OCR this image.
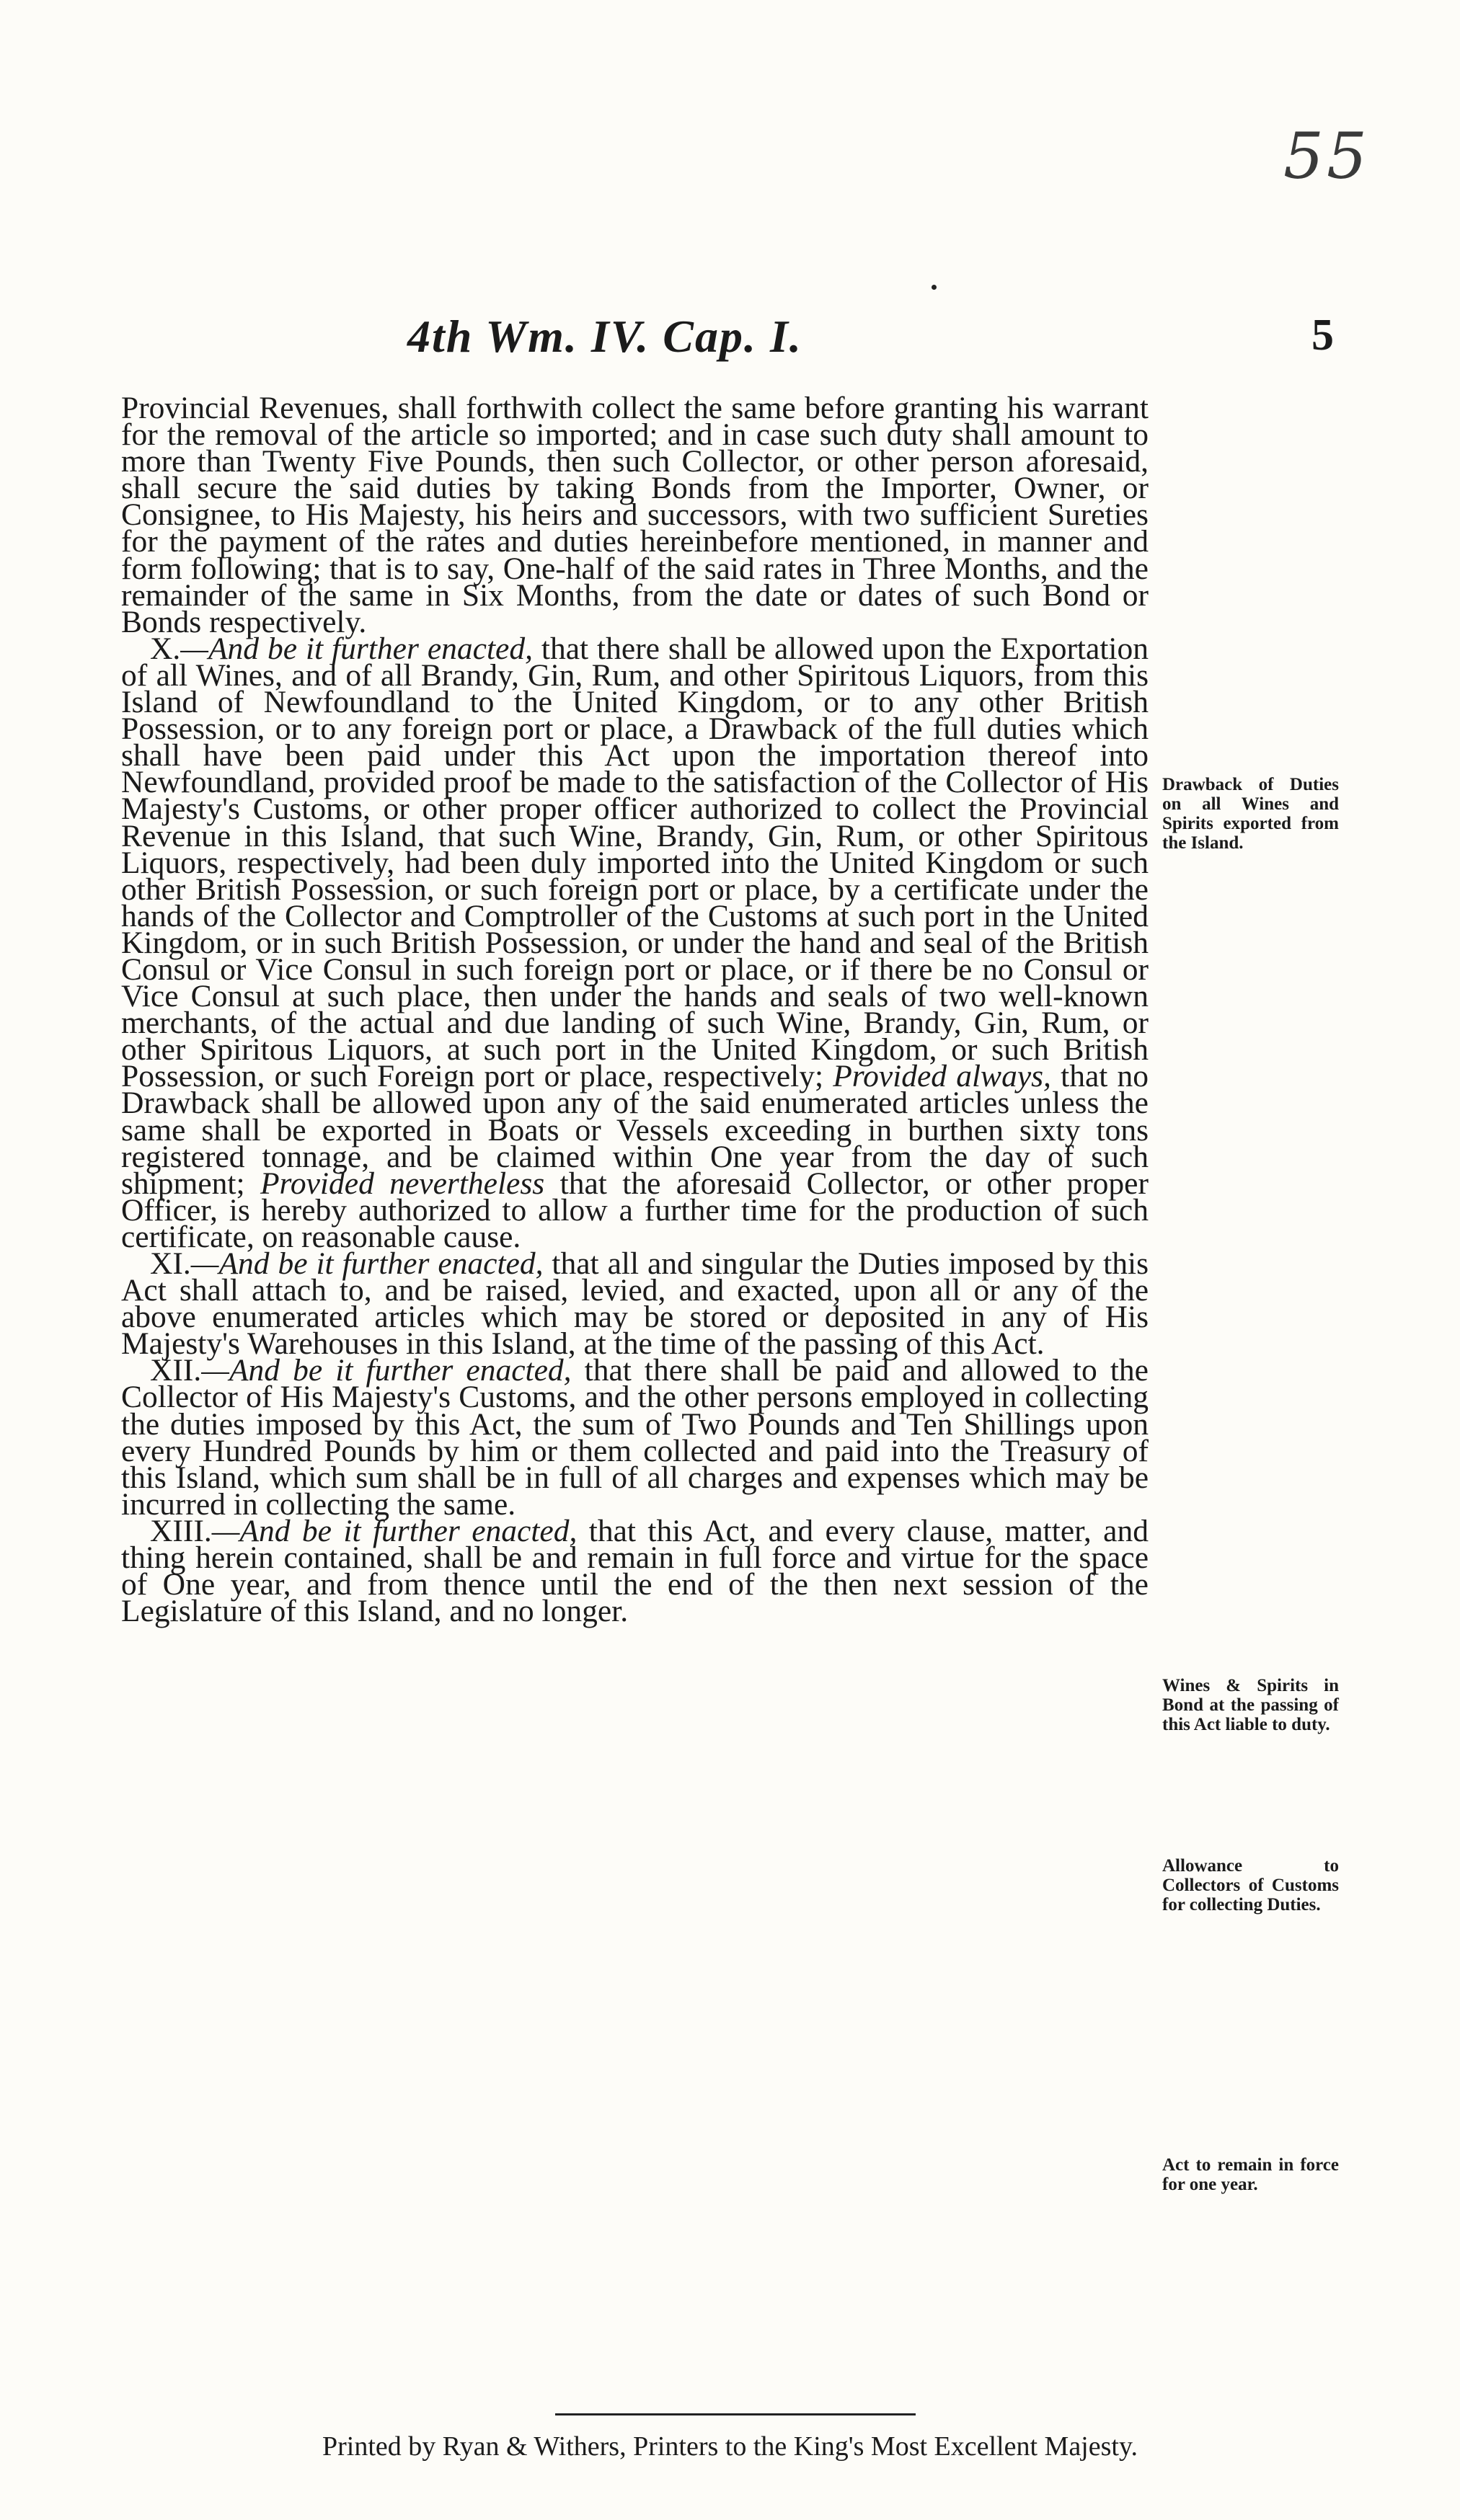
55
4th Wm. IV. Cap. I.	5

Provincial Revenues, shall forthwith collect the same before granting his warrant for the removal of the article so imported; and in case such duty shall amount to more than Twenty Five Pounds, then such Collector, or other person aforesaid, shall secure the said duties by taking Bonds from the Importer, Owner, or Consignee, to His Majesty, his heirs and successors, with two sufficient Sureties for the payment of the rates and duties hereinbefore mentioned, in manner and form following; that is to say, One-half of the said rates in Three Months, and the remainder of the same in Six Months, from the date or dates of such Bond or Bonds respectively.

X.—And be it further enacted, that there shall be allowed upon the Exportation of all Wines, and of all Brandy, Gin, Rum, and other Spiritous Liquors, from this Island of Newfoundland to the United Kingdom, or to any other British Possession, or to any foreign port or place, a Drawback of the full duties which shall have been paid under this Act upon the importation thereof into Newfoundland, provided proof be made to the satisfaction of the Collector of His Majesty's Customs, or other proper officer authorized to collect the Provincial Revenue in this Island, that such Wine, Brandy, Gin, Rum, or other Spiritous Liquors, respectively, had been duly imported into the United Kingdom or such other British Possession, or such foreign port or place, by a certificate under the hands of the Collector and Comptroller of the Customs at such port in the United Kingdom, or in such British Possession, or under the hand and seal of the British Consul or Vice Consul in such foreign port or place, or if there be no Consul or Vice Consul at such place, then under the hands and seals of two well-known merchants, of the actual and due landing of such Wine, Brandy, Gin, Rum, or other Spiritous Liquors, at such port in the United Kingdom, or such British Possession, or such Foreign port or place, respectively; Provided always, that no Drawback shall be allowed upon any of the said enumerated articles unless the same shall be exported in Boats or Vessels exceeding in burthen sixty tons registered tonnage, and be claimed within One year from the day of such shipment; Provided nevertheless that the aforesaid Collector, or other proper Officer, is hereby authorized to allow a further time for the production of such certificate, on reasonable cause.

XI.—And be it further enacted, that all and singular the Duties imposed by this Act shall attach to, and be raised, levied, and exacted, upon all or any of the above enumerated articles which may be stored or deposited in any of His Majesty's Warehouses in this Island, at the time of the passing of this Act.

XII.—And be it further enacted, that there shall be paid and allowed to the Collector of His Majesty's Customs, and the other persons employed in collecting the duties imposed by this Act, the sum of Two Pounds and Ten Shillings upon every Hundred Pounds by him or them collected and paid into the Treasury of this Island, which sum shall be in full of all charges and expenses which may be incurred in collecting the same.

XIII.—And be it further enacted, that this Act, and every clause, matter, and thing herein contained, shall be and remain in full force and virtue for the space of One year, and from thence until the end of the then next session of the Legislature of this Island, and no longer.

Drawback of Duties on all Wines and Spirits exported from the Island.
Wines & Spirits in Bond at the passing of this Act liable to duty.
Allowance to Collectors of Customs for collecting Duties.
Act to remain in force for one year.
Printed by Ryan & Withers, Printers to the King's Most Excellent Majesty.
